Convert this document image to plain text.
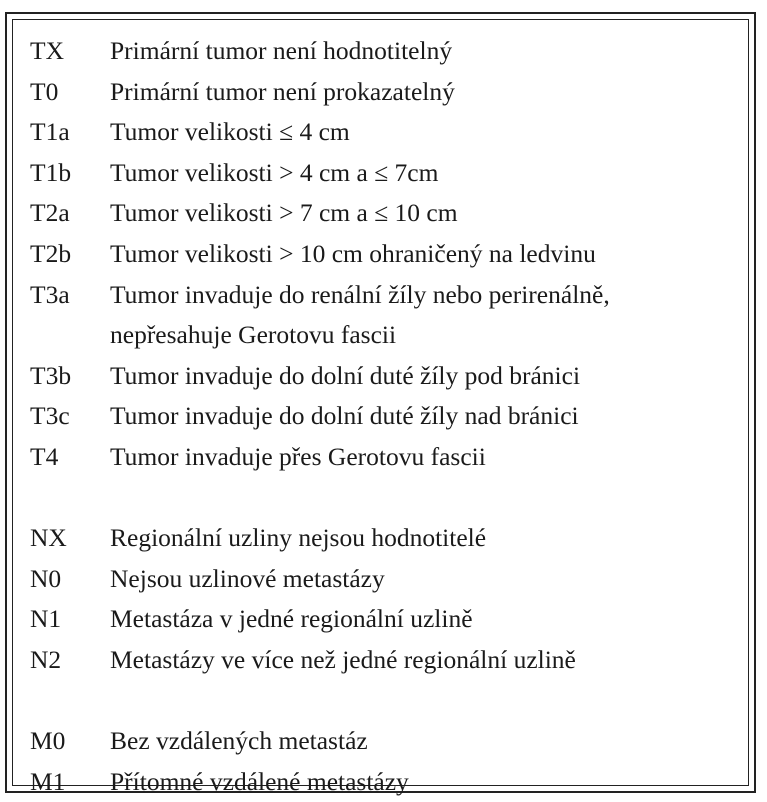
TX	Primární tumor není hodnotitelný
T0	Primární tumor není prokazatelný
T1a	Tumor velikosti ≤ 4 cm
T1b	Tumor velikosti > 4 cm a ≤ 7cm
T2a	Tumor velikosti > 7 cm a ≤ 10 cm
T2b	Tumor velikosti > 10 cm ohraničený na ledvinu
T3a	Tumor invaduje do renální žíly nebo perirenálně,
nepřesahuje Gerotovu fascii
T3b	Tumor invaduje do dolní duté žíly pod bránici
T3c	Tumor invaduje do dolní duté žíly nad bránici
T4	Tumor invaduje přes Gerotovu fascii
NX	Regionální uzliny nejsou hodnotitelé
N0	Nejsou uzlinové metastázy
N1	Metastáza v jedné regionální uzlině
N2	Metastázy ve více než jedné regionální uzlině
M0	Bez vzdálených metastáz
M1	Přítomné vzdálené metastázy
